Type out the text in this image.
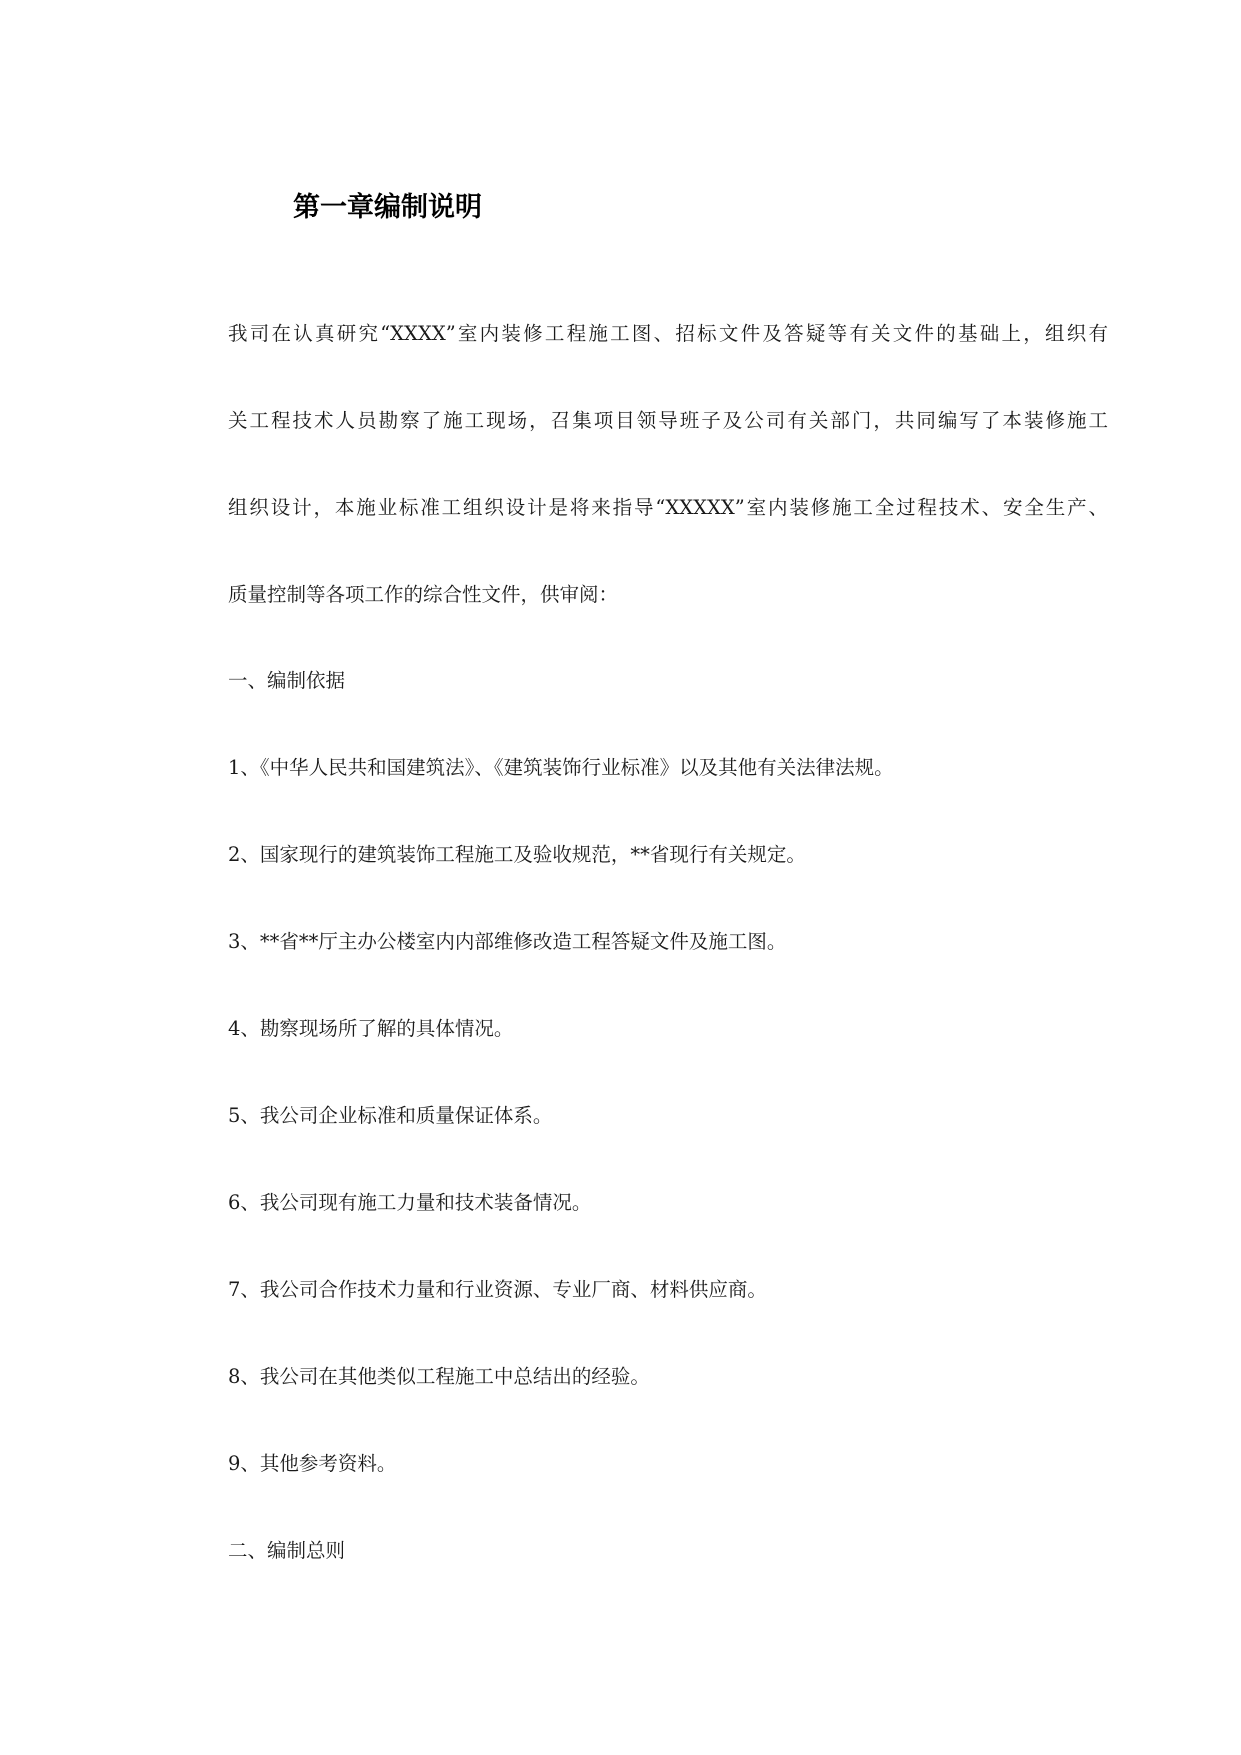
第一章编制说明
我司在认真研究“XXXX”室内装修工程施工图、招标文件及答疑等有关文件的基础上，组织有
关工程技术人员勘察了施工现场，召集项目领导班子及公司有关部门，共同编写了本装修施工
组织设计，本施业标准工组织设计是将来指导“XXXXX”室内装修施工全过程技术、安全生产、
质量控制等各项工作的综合性文件，供审阅：
一、编制依据
1、《中华人民共和国建筑法》、《建筑装饰行业标准》以及其他有关法律法规。
2、国家现行的建筑装饰工程施工及验收规范，**省现行有关规定。
3、**省**厅主办公楼室内内部维修改造工程答疑文件及施工图。
4、勘察现场所了解的具体情况。
5、我公司企业标准和质量保证体系。
6、我公司现有施工力量和技术装备情况。
7、我公司合作技术力量和行业资源、专业厂商、材料供应商。
8、我公司在其他类似工程施工中总结出的经验。
9、其他参考资料。
二、编制总则
